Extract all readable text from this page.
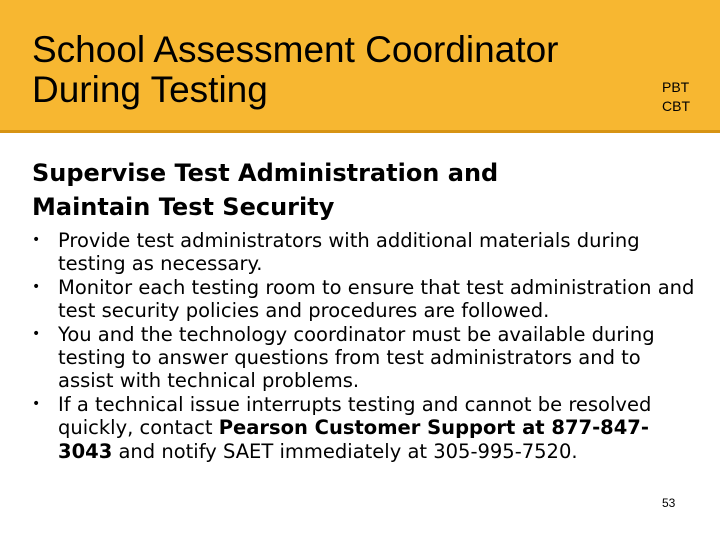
School Assessment Coordinator
During Testing	PBT
CBT
Supervise Test Administration and
Maintain Test Security
• Provide test administrators with additional materials during testing as necessary.
• Monitor each testing room to ensure that test administration and test security policies and procedures are followed.
• You and the technology coordinator must be available during testing to answer questions from test administrators and to assist with technical problems.
• If a technical issue interrupts testing and cannot be resolved quickly, contact Pearson Customer Support at 877-847-3043 and notify SAET immediately at 305-995-7520.
53
